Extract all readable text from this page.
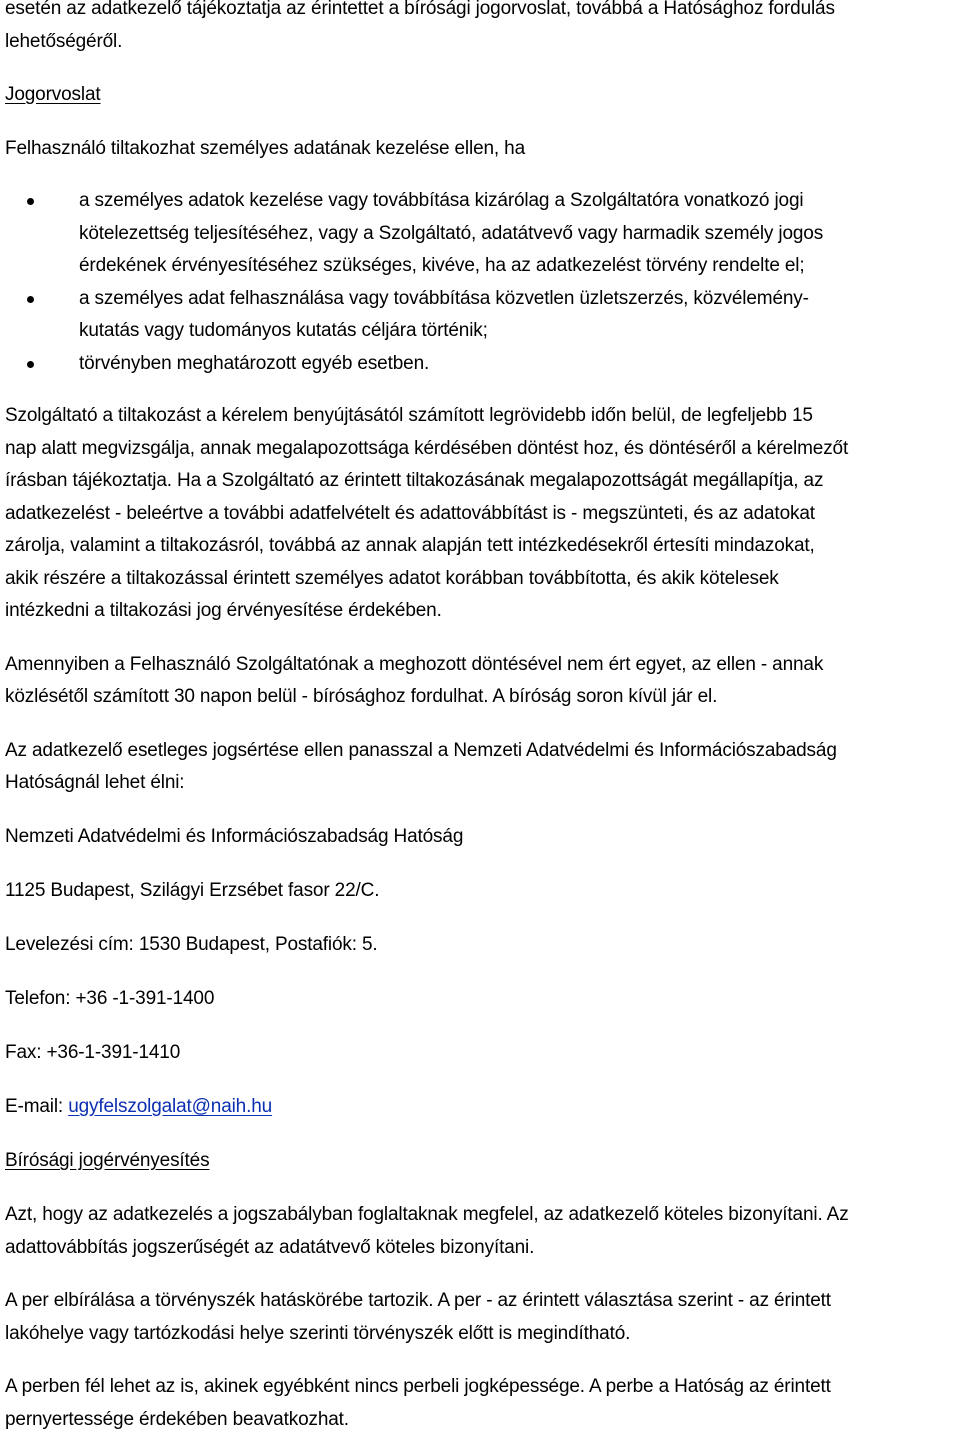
esetén az adatkezelő tájékoztatja az érintettet a bírósági jogorvoslat, továbbá a Hatósághoz fordulás
lehetőségéről.

Jogorvoslat

Felhasználó tiltakozhat személyes adatának kezelése ellen, ha

a személyes adatok kezelése vagy továbbítása kizárólag a Szolgáltatóra vonatkozó jogi
kötelezettség teljesítéséhez, vagy a Szolgáltató, adatátvevő vagy harmadik személy jogos
érdekének érvényesítéséhez szükséges, kivéve, ha az adatkezelést törvény rendelte el;
a személyes adat felhasználása vagy továbbítása közvetlen üzletszerzés, közvélemény-
kutatás vagy tudományos kutatás céljára történik;
törvényben meghatározott egyéb esetben.

Szolgáltató a tiltakozást a kérelem benyújtásától számított legrövidebb időn belül, de legfeljebb 15
nap alatt megvizsgálja, annak megalapozottsága kérdésében döntést hoz, és döntéséről a kérelmezőt
írásban tájékoztatja. Ha a Szolgáltató az érintett tiltakozásának megalapozottságát megállapítja, az
adatkezelést - beleértve a további adatfelvételt és adattovábbítást is - megszünteti, és az adatokat
zárolja, valamint a tiltakozásról, továbbá az annak alapján tett intézkedésekről értesíti mindazokat,
akik részére a tiltakozással érintett személyes adatot korábban továbbította, és akik kötelesek
intézkedni a tiltakozási jog érvényesítése érdekében.

Amennyiben a Felhasználó Szolgáltatónak a meghozott döntésével nem ért egyet, az ellen - annak
közlésétől számított 30 napon belül - bírósághoz fordulhat. A bíróság soron kívül jár el.

Az adatkezelő esetleges jogsértése ellen panasszal a Nemzeti Adatvédelmi és Információszabadság
Hatóságnál lehet élni:

Nemzeti Adatvédelmi és Információszabadság Hatóság

1125 Budapest, Szilágyi Erzsébet fasor 22/C.

Levelezési cím: 1530 Budapest, Postafiók: 5.

Telefon: +36 -1-391-1400

Fax: +36-1-391-1410

E-mail: ugyfelszolgalat@naih.hu

Bírósági jogérvényesítés

Azt, hogy az adatkezelés a jogszabályban foglaltaknak megfelel, az adatkezelő köteles bizonyítani. Az
adattovábbítás jogszerűségét az adatátvevő köteles bizonyítani.

A per elbírálása a törvényszék hatáskörébe tartozik. A per - az érintett választása szerint - az érintett
lakóhelye vagy tartózkodási helye szerinti törvényszék előtt is megindítható.

A perben fél lehet az is, akinek egyébként nincs perbeli jogképessége. A perbe a Hatóság az érintett
pernyertessége érdekében beavatkozhat.
